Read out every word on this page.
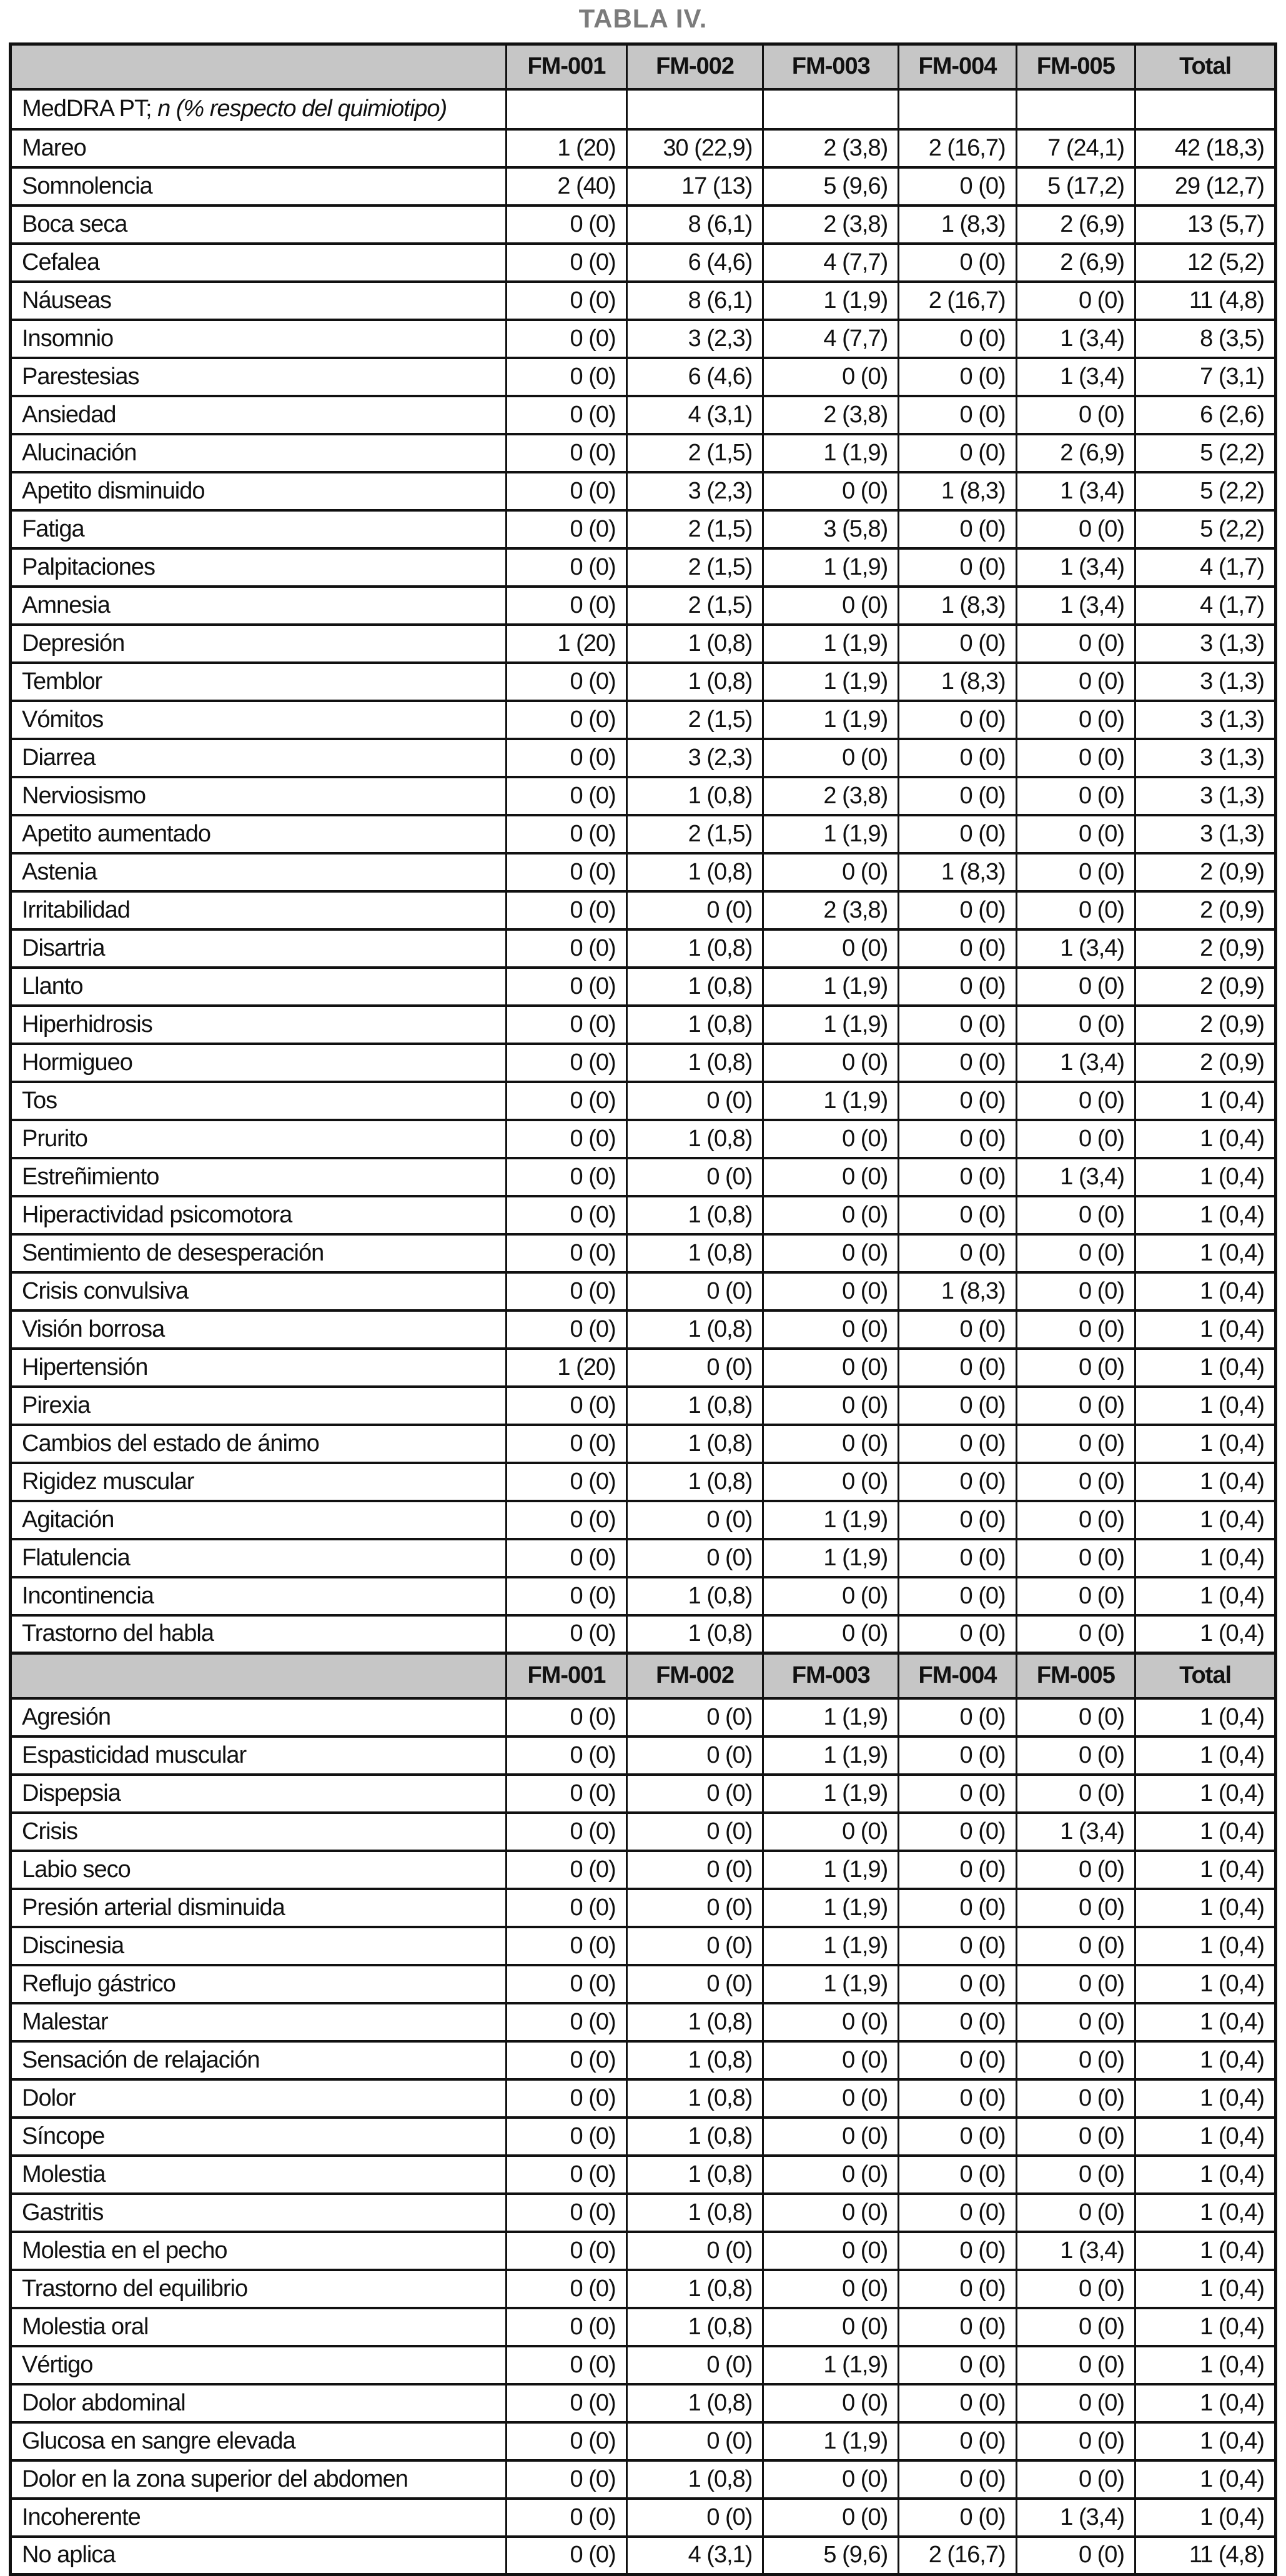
TABLA IV.
	FM-001	FM-002	FM-003	FM-004	FM-005	Total
MedDRA PT; n (% respecto del quimiotipo)						
Mareo	1 (20)	30 (22,9)	2 (3,8)	2 (16,7)	7 (24,1)	42 (18,3)
Somnolencia	2 (40)	17 (13)	5 (9,6)	0 (0)	5 (17,2)	29 (12,7)
Boca seca	0 (0)	8 (6,1)	2 (3,8)	1 (8,3)	2 (6,9)	13 (5,7)
Cefalea	0 (0)	6 (4,6)	4 (7,7)	0 (0)	2 (6,9)	12 (5,2)
Náuseas	0 (0)	8 (6,1)	1 (1,9)	2 (16,7)	0 (0)	11 (4,8)
Insomnio	0 (0)	3 (2,3)	4 (7,7)	0 (0)	1 (3,4)	8 (3,5)
Parestesias	0 (0)	6 (4,6)	0 (0)	0 (0)	1 (3,4)	7 (3,1)
Ansiedad	0 (0)	4 (3,1)	2 (3,8)	0 (0)	0 (0)	6 (2,6)
Alucinación	0 (0)	2 (1,5)	1 (1,9)	0 (0)	2 (6,9)	5 (2,2)
Apetito disminuido	0 (0)	3 (2,3)	0 (0)	1 (8,3)	1 (3,4)	5 (2,2)
Fatiga	0 (0)	2 (1,5)	3 (5,8)	0 (0)	0 (0)	5 (2,2)
Palpitaciones	0 (0)	2 (1,5)	1 (1,9)	0 (0)	1 (3,4)	4 (1,7)
Amnesia	0 (0)	2 (1,5)	0 (0)	1 (8,3)	1 (3,4)	4 (1,7)
Depresión	1 (20)	1 (0,8)	1 (1,9)	0 (0)	0 (0)	3 (1,3)
Temblor	0 (0)	1 (0,8)	1 (1,9)	1 (8,3)	0 (0)	3 (1,3)
Vómitos	0 (0)	2 (1,5)	1 (1,9)	0 (0)	0 (0)	3 (1,3)
Diarrea	0 (0)	3 (2,3)	0 (0)	0 (0)	0 (0)	3 (1,3)
Nerviosismo	0 (0)	1 (0,8)	2 (3,8)	0 (0)	0 (0)	3 (1,3)
Apetito aumentado	0 (0)	2 (1,5)	1 (1,9)	0 (0)	0 (0)	3 (1,3)
Astenia	0 (0)	1 (0,8)	0 (0)	1 (8,3)	0 (0)	2 (0,9)
Irritabilidad	0 (0)	0 (0)	2 (3,8)	0 (0)	0 (0)	2 (0,9)
Disartria	0 (0)	1 (0,8)	0 (0)	0 (0)	1 (3,4)	2 (0,9)
Llanto	0 (0)	1 (0,8)	1 (1,9)	0 (0)	0 (0)	2 (0,9)
Hiperhidrosis	0 (0)	1 (0,8)	1 (1,9)	0 (0)	0 (0)	2 (0,9)
Hormigueo	0 (0)	1 (0,8)	0 (0)	0 (0)	1 (3,4)	2 (0,9)
Tos	0 (0)	0 (0)	1 (1,9)	0 (0)	0 (0)	1 (0,4)
Prurito	0 (0)	1 (0,8)	0 (0)	0 (0)	0 (0)	1 (0,4)
Estreñimiento	0 (0)	0 (0)	0 (0)	0 (0)	1 (3,4)	1 (0,4)
Hiperactividad psicomotora	0 (0)	1 (0,8)	0 (0)	0 (0)	0 (0)	1 (0,4)
Sentimiento de desesperación	0 (0)	1 (0,8)	0 (0)	0 (0)	0 (0)	1 (0,4)
Crisis convulsiva	0 (0)	0 (0)	0 (0)	1 (8,3)	0 (0)	1 (0,4)
Visión borrosa	0 (0)	1 (0,8)	0 (0)	0 (0)	0 (0)	1 (0,4)
Hipertensión	1 (20)	0 (0)	0 (0)	0 (0)	0 (0)	1 (0,4)
Pirexia	0 (0)	1 (0,8)	0 (0)	0 (0)	0 (0)	1 (0,4)
Cambios del estado de ánimo	0 (0)	1 (0,8)	0 (0)	0 (0)	0 (0)	1 (0,4)
Rigidez muscular	0 (0)	1 (0,8)	0 (0)	0 (0)	0 (0)	1 (0,4)
Agitación	0 (0)	0 (0)	1 (1,9)	0 (0)	0 (0)	1 (0,4)
Flatulencia	0 (0)	0 (0)	1 (1,9)	0 (0)	0 (0)	1 (0,4)
Incontinencia	0 (0)	1 (0,8)	0 (0)	0 (0)	0 (0)	1 (0,4)
Trastorno del habla	0 (0)	1 (0,8)	0 (0)	0 (0)	0 (0)	1 (0,4)
	FM-001	FM-002	FM-003	FM-004	FM-005	Total
Agresión	0 (0)	0 (0)	1 (1,9)	0 (0)	0 (0)	1 (0,4)
Espasticidad muscular	0 (0)	0 (0)	1 (1,9)	0 (0)	0 (0)	1 (0,4)
Dispepsia	0 (0)	0 (0)	1 (1,9)	0 (0)	0 (0)	1 (0,4)
Crisis	0 (0)	0 (0)	0 (0)	0 (0)	1 (3,4)	1 (0,4)
Labio seco	0 (0)	0 (0)	1 (1,9)	0 (0)	0 (0)	1 (0,4)
Presión arterial disminuida	0 (0)	0 (0)	1 (1,9)	0 (0)	0 (0)	1 (0,4)
Discinesia	0 (0)	0 (0)	1 (1,9)	0 (0)	0 (0)	1 (0,4)
Reflujo gástrico	0 (0)	0 (0)	1 (1,9)	0 (0)	0 (0)	1 (0,4)
Malestar	0 (0)	1 (0,8)	0 (0)	0 (0)	0 (0)	1 (0,4)
Sensación de relajación	0 (0)	1 (0,8)	0 (0)	0 (0)	0 (0)	1 (0,4)
Dolor	0 (0)	1 (0,8)	0 (0)	0 (0)	0 (0)	1 (0,4)
Síncope	0 (0)	1 (0,8)	0 (0)	0 (0)	0 (0)	1 (0,4)
Molestia	0 (0)	1 (0,8)	0 (0)	0 (0)	0 (0)	1 (0,4)
Gastritis	0 (0)	1 (0,8)	0 (0)	0 (0)	0 (0)	1 (0,4)
Molestia en el pecho	0 (0)	0 (0)	0 (0)	0 (0)	1 (3,4)	1 (0,4)
Trastorno del equilibrio	0 (0)	1 (0,8)	0 (0)	0 (0)	0 (0)	1 (0,4)
Molestia oral	0 (0)	1 (0,8)	0 (0)	0 (0)	0 (0)	1 (0,4)
Vértigo	0 (0)	0 (0)	1 (1,9)	0 (0)	0 (0)	1 (0,4)
Dolor abdominal	0 (0)	1 (0,8)	0 (0)	0 (0)	0 (0)	1 (0,4)
Glucosa en sangre elevada	0 (0)	0 (0)	1 (1,9)	0 (0)	0 (0)	1 (0,4)
Dolor en la zona superior del abdomen	0 (0)	1 (0,8)	0 (0)	0 (0)	0 (0)	1 (0,4)
Incoherente	0 (0)	0 (0)	0 (0)	0 (0)	1 (3,4)	1 (0,4)
No aplica	0 (0)	4 (3,1)	5 (9,6)	2 (16,7)	0 (0)	11 (4,8)
